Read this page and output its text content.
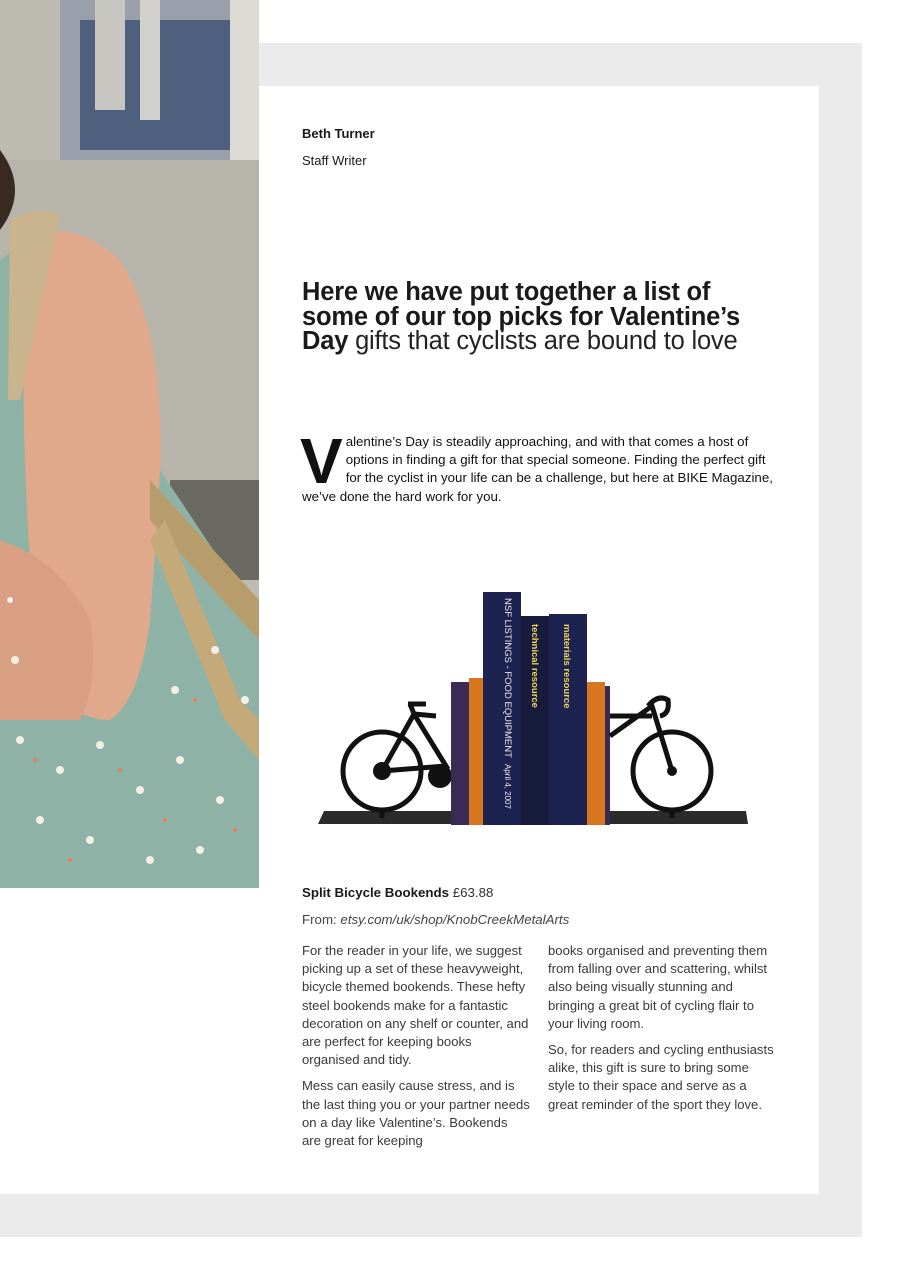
Beth Turner
Staff Writer
Here we have put together a list of some of our top picks for Valentine’s Day gifts that cyclists are bound to love

Valentine’s Day is steadily approaching, and with that comes a host of options in finding a gift for that special someone. Finding the perfect gift for the cyclist in your life can be a challenge, but here at BIKE Magazine, we’ve done the hard work for you.

NSF LISTINGS - FOOD EQUIPMENT
April 4, 2007
technical resource materials resource
Split Bicycle Bookends £63.88
From: etsy.com/uk/shop/KnobCreekMetalArts

For the reader in your life, we suggest picking up a set of these heavyweight, bicycle themed bookends. These hefty steel bookends make for a fantastic decoration on any shelf or counter, and are perfect for keeping books organised and tidy.

Mess can easily cause stress, and is the last thing you or your partner needs on a day like Valentine’s. Bookends are great for keeping

books organised and preventing them from falling over and scattering, whilst also being visually stunning and bringing a great bit of cycling flair to your living room.

So, for readers and cycling enthusiasts alike, this gift is sure to bring some style to their space and serve as a great reminder of the sport they love.
